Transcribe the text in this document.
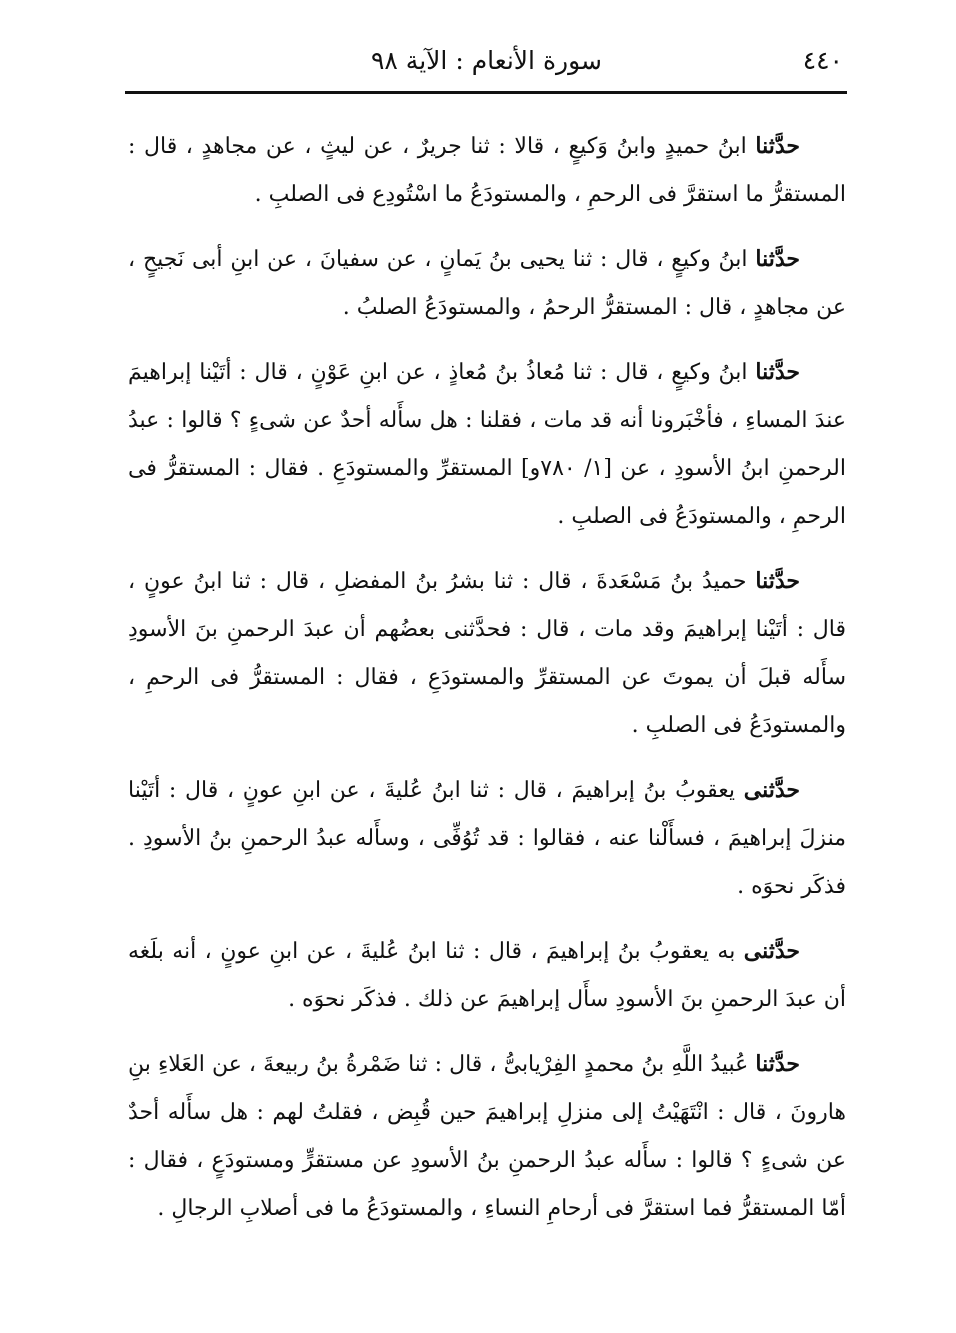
٤٤٠
سورة الأنعام : الآية ٩٨

حدَّثنا ابنُ حميدٍ وابنُ وَكيعٍ ، قالا : ثنا جريرٌ ، عن ليثٍ ، عن مجاهدٍ ، قال : المستقرُّ ما استقرَّ فى الرحمِ ، والمستودَعُ ما اسْتُودِع فى الصلبِ .

حدَّثنا ابنُ وكيعٍ ، قال : ثنا يحيى بنُ يَمانٍ ، عن سفيانَ ، عن ابنِ أبى نَجيحٍ ، عن مجاهدٍ ، قال : المستقرُّ الرحمُ ، والمستودَعُ الصلبُ .

حدَّثنا ابنُ وكيعٍ ، قال : ثنا مُعاذُ بنُ مُعاذٍ ، عن ابنِ عَوْنٍ ، قال : أتَيْنا إبراهيمَ عندَ المساءِ ، فأخْبَرونا أنه قد مات ، فقلنا : هل سأَله أحدٌ عن شىءٍ ؟ قالوا : عبدُ الرحمنِ ابنُ الأسودِ ، عن [١/ ٧٨٠و] المستقرِّ والمستودَعِ . فقال : المستقرُّ فى الرحمِ ، والمستودَعُ فى الصلبِ .

حدَّثنا حميدُ بنُ مَسْعَدةَ ، قال : ثنا بشرُ بنُ المفضلِ ، قال : ثنا ابنُ عونٍ ، قال : أتَيْنا إبراهيمَ وقد مات ، قال : فحدَّثنى بعضُهم أن عبدَ الرحمنِ بنَ الأسودِ سأَله قبلَ أن يموتَ عن المستقرِّ والمستودَعِ ، فقال : المستقرُّ فى الرحمِ ، والمستودَعُ فى الصلبِ .

حدَّثنى يعقوبُ بنُ إبراهيمَ ، قال : ثنا ابنُ عُليةَ ، عن ابنِ عونٍ ، قال : أتَيْنا منزلَ إبراهيمَ ، فسأَلْنا عنه ، فقالوا : قد تُوُفِّى ، وسأَله عبدُ الرحمنِ بنُ الأسودِ . فذكَر نحوَه .

حدَّثنى به يعقوبُ بنُ إبراهيمَ ، قال : ثنا ابنُ عُليةَ ، عن ابنِ عونٍ ، أنه بلَغه أن عبدَ الرحمنِ بنَ الأسودِ سأَل إبراهيمَ عن ذلك . فذكَر نحوَه .

حدَّثنا عُبيدُ اللَّهِ بنُ محمدٍ الفِرْيابىُّ ، قال : ثنا ضَمْرةُ بنُ ربيعةَ ، عن العَلاءِ بنِ هارونَ ، قال : انْتَهَيْتُ إلى منزلِ إبراهيمَ حين قُبِض ، فقلتُ لهم : هل سأَله أحدٌ عن شىءٍ ؟ قالوا : سأَله عبدُ الرحمنِ بنُ الأسودِ عن مستقرٍّ ومستودَعٍ ، فقال : أمّا المستقرُّ فما استقرَّ فى أرحامِ النساءِ ، والمستودَعُ ما فى أصلابِ الرجالِ .
